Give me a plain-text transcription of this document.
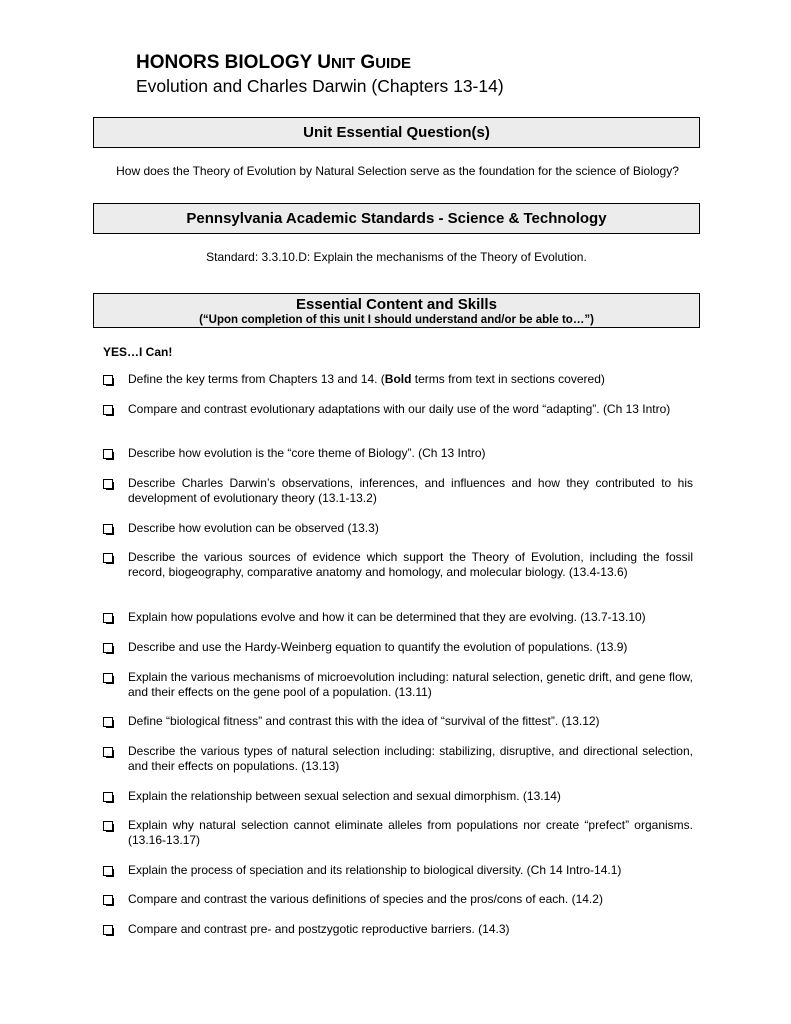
HONORS BIOLOGY UNIT GUIDE
Evolution and Charles Darwin (Chapters 13-14)
Unit Essential Question(s)
How does the Theory of Evolution by Natural Selection serve as the foundation for the science of Biology?
Pennsylvania Academic Standards - Science & Technology
Standard: 3.3.10.D: Explain the mechanisms of the Theory of Evolution.
Essential Content and Skills
(“Upon completion of this unit I should understand and/or be able to…”)
YES…I Can!
Define the key terms from Chapters 13 and 14. (Bold terms from text in sections covered)
Compare and contrast evolutionary adaptations with our daily use of the word “adapting”. (Ch 13 Intro)
Describe how evolution is the “core theme of Biology”. (Ch 13 Intro)
Describe Charles Darwin’s observations, inferences, and influences and how they contributed to his development of evolutionary theory (13.1-13.2)
Describe how evolution can be observed (13.3)
Describe the various sources of evidence which support the Theory of Evolution, including the fossil record, biogeography, comparative anatomy and homology, and molecular biology. (13.4-13.6)
Explain how populations evolve and how it can be determined that they are evolving. (13.7-13.10)
Describe and use the Hardy-Weinberg equation to quantify the evolution of populations. (13.9)
Explain the various mechanisms of microevolution including: natural selection, genetic drift, and gene flow, and their effects on the gene pool of a population. (13.11)
Define “biological fitness” and contrast this with the idea of “survival of the fittest”. (13.12)
Describe the various types of natural selection including: stabilizing, disruptive, and directional selection, and their effects on populations. (13.13)
Explain the relationship between sexual selection and sexual dimorphism. (13.14)
Explain why natural selection cannot eliminate alleles from populations nor create “prefect” organisms. (13.16-13.17)
Explain the process of speciation and its relationship to biological diversity. (Ch 14 Intro-14.1)
Compare and contrast the various definitions of species and the pros/cons of each. (14.2)
Compare and contrast pre- and postzygotic reproductive barriers. (14.3)
